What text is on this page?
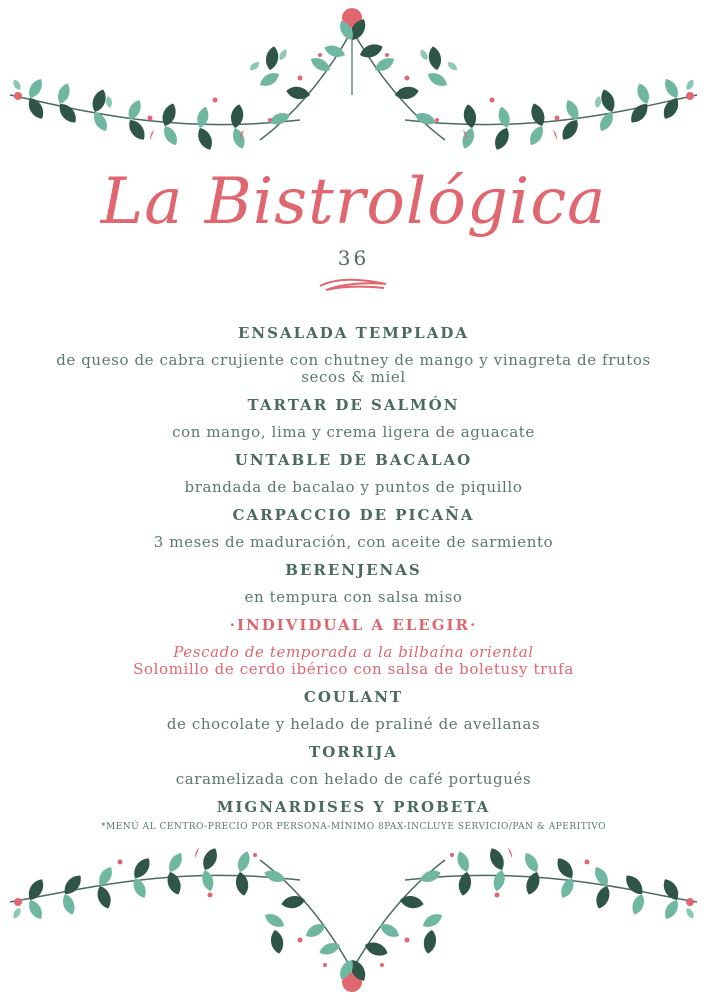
La Bistrológica
36

ENSALADA TEMPLADA

de queso de cabra crujiente con chutney de mango y vinagreta de frutos secos & miel

TARTAR DE SALMÓN

con mango, lima y crema ligera de aguacate

UNTABLE DE BACALAO

brandada de bacalao y puntos de piquillo

CARPACCIO DE PICAÑA

3 meses de maduración, con aceite de sarmiento

BERENJENAS

en tempura con salsa miso

·INDIVIDUAL A ELEGIR·

Pescado de temporada a la bilbaína oriental

Solomillo de cerdo ibérico con salsa de boletusy trufa

COULANT

de chocolate y helado de praliné de avellanas

TORRIJA

caramelizada con helado de café portugués

MIGNARDISES Y PROBETA

*MENÚ AL CENTRO-PRECIO POR PERSONA-MÍNIMO 8PAX-INCLUYE SERVICIO/PAN & APERITIVO
